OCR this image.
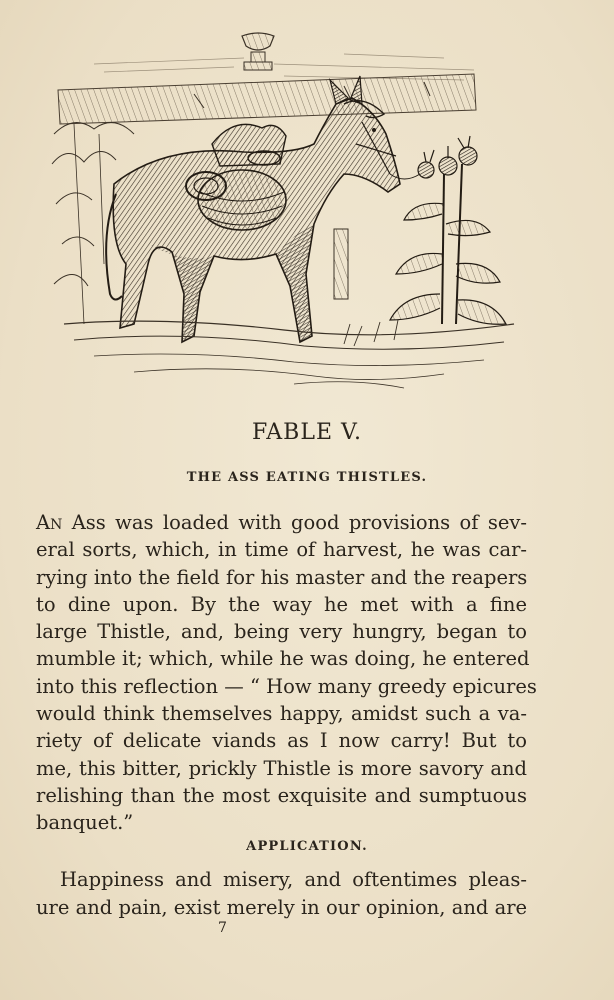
FABLE V.
THE ASS EATING THISTLES.
An Ass was loaded with good provisions of sev-
eral sorts, which, in time of harvest, he was car-
rying into the field for his master and the reapers
to dine upon. By the way he met with a fine
large Thistle, and, being very hungry, began to
mumble it; which, while he was doing, he entered
into this reflection — “ How many greedy epicures
would think themselves happy, amidst such a va-
riety of delicate viands as I now carry! But to
me, this bitter, prickly Thistle is more savory and
relishing than the most exquisite and sumptuous
banquet.”
APPLICATION.
Happiness and misery, and oftentimes pleas-
ure and pain, exist merely in our opinion, and are
7
